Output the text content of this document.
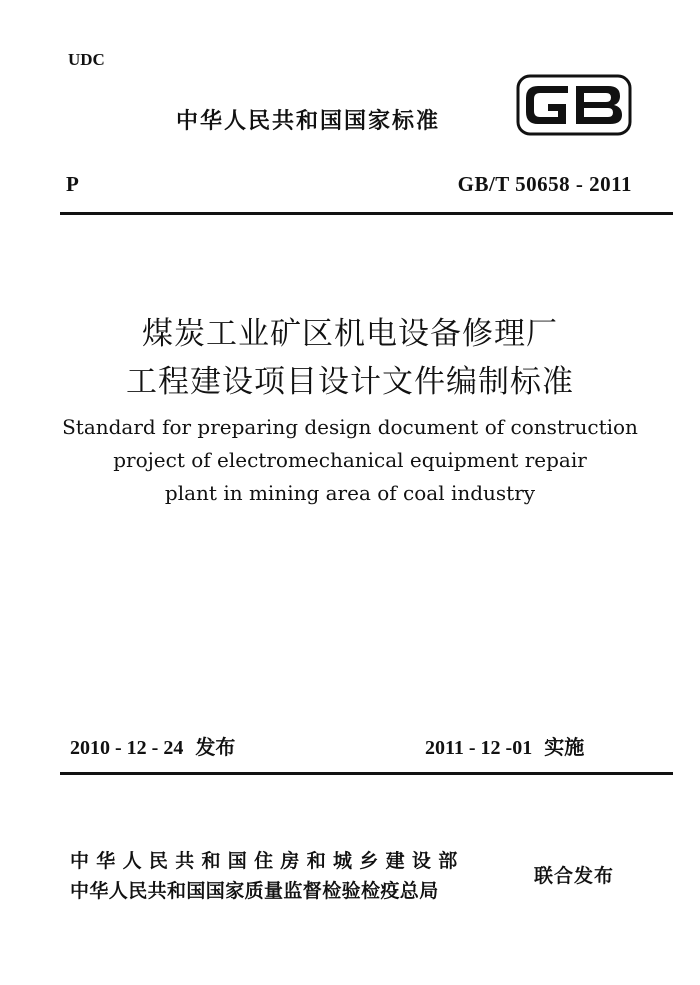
UDC
中华人民共和国国家标准
P	GB/T 50658 - 2011
煤炭工业矿区机电设备修理厂
工程建设项目设计文件编制标准
Standard for preparing design document of construction
project of electromechanical equipment repair
plant in mining area of coal industry
2010 - 12 - 24 发布	2011 - 12 -01 实施
中华人民共和国住房和城乡建设部
中华人民共和国国家质量监督检验检疫总局
联合发布
